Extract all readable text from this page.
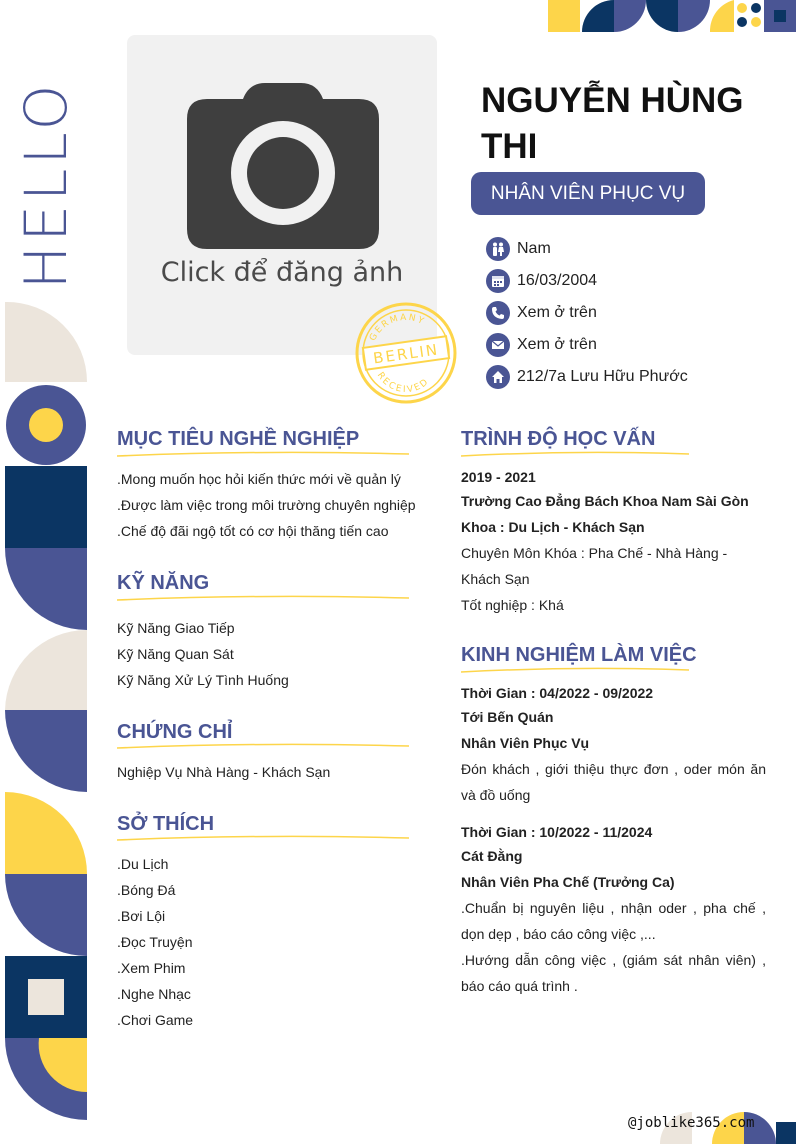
HELLO	Click để đăng ảnh
GERMANY
BERLIN
RECEIVED
NGUYỄN HÙNG THI
NHÂN VIÊN PHỤC VỤ
Nam
16/03/2004
Xem ở trên
Xem ở trên
212/7a Lưu Hữu Phước
MỤC TIÊU NGHỀ NGHIỆP
.Mong muốn học hỏi kiến thức mới về quản lý
.Được làm việc trong môi trường chuyên nghiệp
.Chế độ đãi ngộ tốt có cơ hội thăng tiến cao
KỸ NĂNG
Kỹ Năng Giao Tiếp
Kỹ Năng Quan Sát
Kỹ Năng Xử Lý Tình Huống
CHỨNG CHỈ
Nghiệp Vụ Nhà Hàng - Khách Sạn
SỞ THÍCH
.Du Lịch
.Bóng Đá
.Bơi Lội
.Đọc Truyện
.Xem Phim
.Nghe Nhạc
.Chơi Game
TRÌNH ĐỘ HỌC VẤN
2019 - 2021
Trường Cao Đẳng Bách Khoa Nam Sài Gòn
Khoa : Du Lịch - Khách Sạn
Chuyên Môn Khóa : Pha Chế - Nhà Hàng - Khách Sạn
Tốt nghiệp : Khá
KINH NGHIỆM LÀM VIỆC
Thời Gian : 04/2022 - 09/2022
Tới Bến Quán
Nhân Viên Phục Vụ
Đón khách , giới thiệu thực đơn , oder món ăn và đồ uống
Thời Gian : 10/2022 - 11/2024
Cát Đằng
Nhân Viên Pha Chế (Trưởng Ca)
.Chuẩn bị nguyên liệu , nhận oder , pha chế , dọn dẹp , báo cáo công việc ,...
.Hướng dẫn công việc , (giám sát nhân viên) , báo cáo quá trình .
@joblike365.com
